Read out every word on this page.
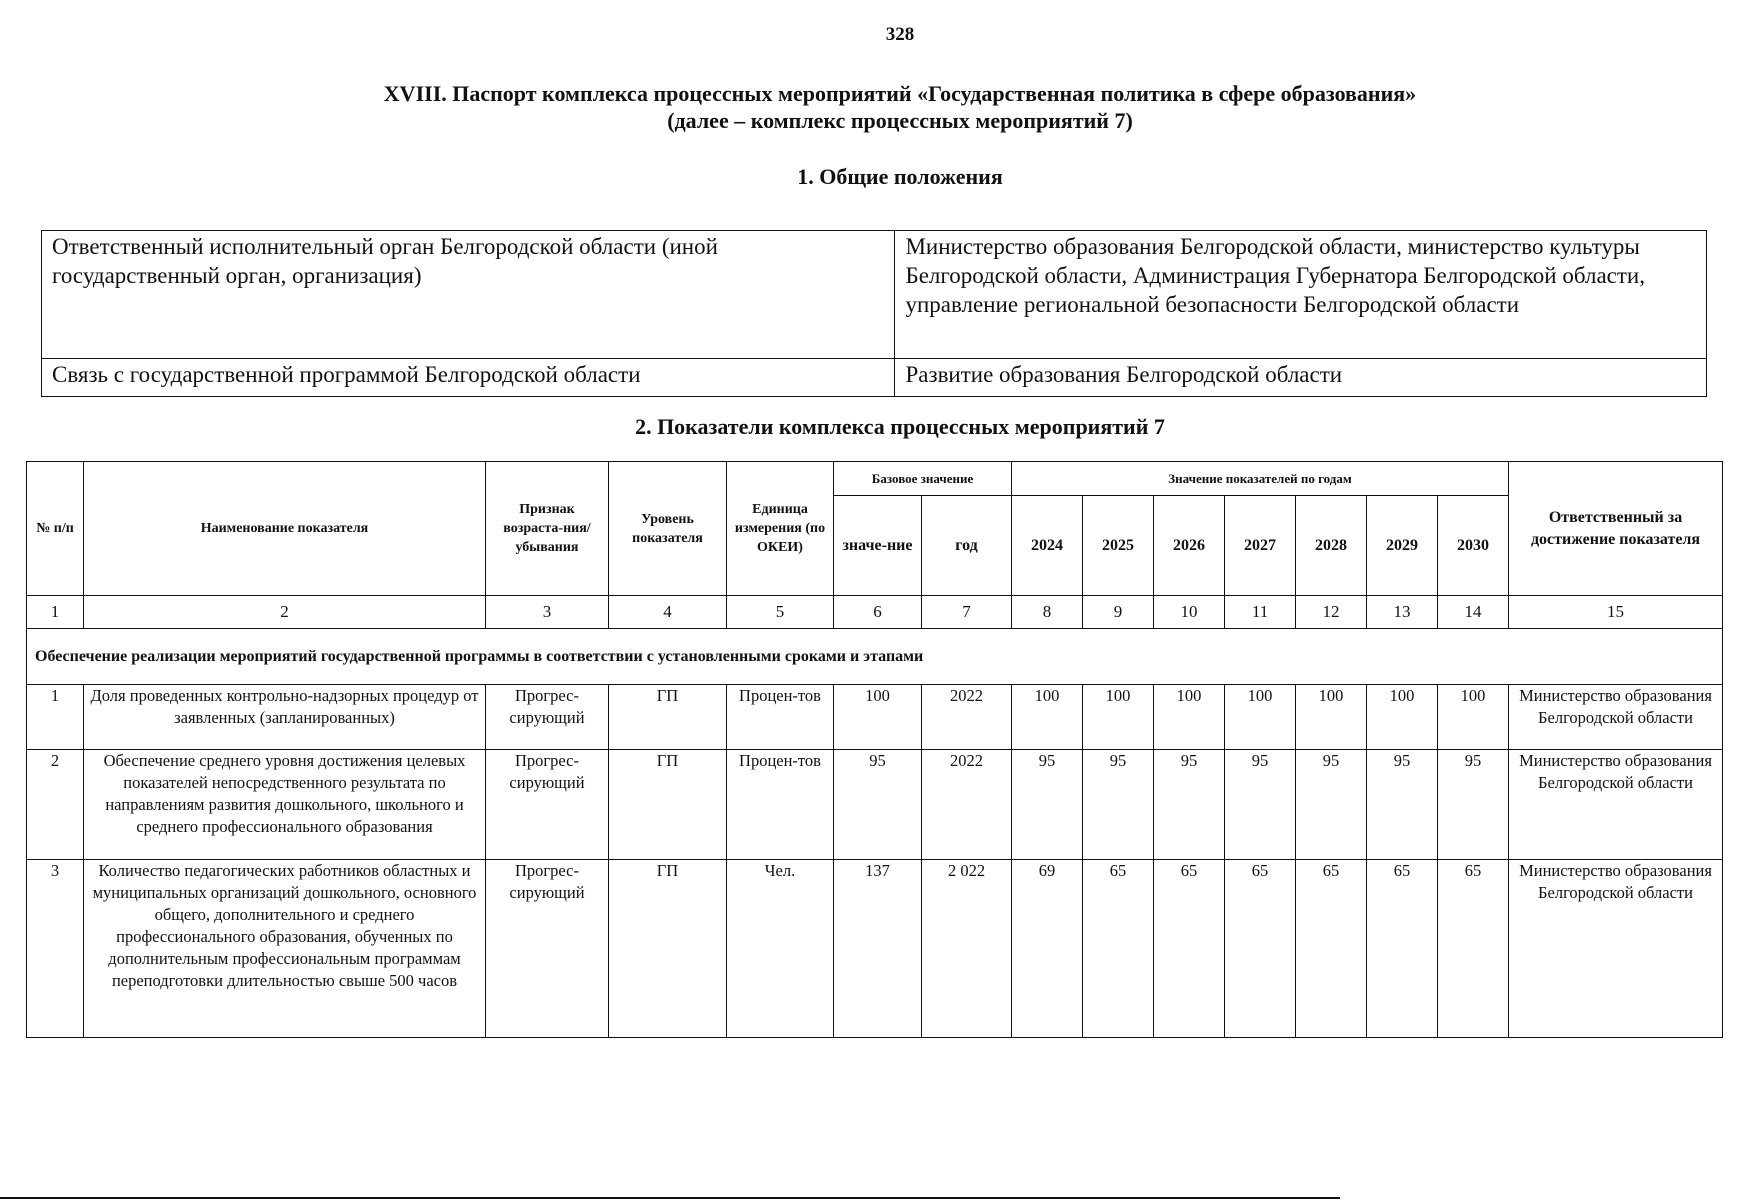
328
XVIII. Паспорт комплекса процессных мероприятий «Государственная политика в сфере образования»
(далее – комплекс процессных мероприятий 7)
1. Общие положения
Ответственный исполнительный орган Белгородской области (иной государственный орган, организация)	Министерство образования Белгородской области, министерство культуры Белгородской области, Администрация Губернатора Белгородской области, управление региональной безопасности Белгородской области
Связь с государственной программой Белгородской области	Развитие образования Белгородской области
2. Показатели комплекса процессных мероприятий 7
№ п/п	Наименование показателя	Признак возраста-ния/ убывания	Уровень показателя	Единица измерения (по ОКЕИ)	Базовое значение		Значение показателей по годам							Ответственный за достижение показателя
					значе-ние	год	2024	2025	2026	2027	2028	2029	2030	
1	2	3	4	5	6	7	8	9	10	11	12	13	14	15
Обеспечение реализации мероприятий государственной программы в соответствии с установленными сроками и этапами														
1	Доля проведенных контрольно-надзорных процедур от заявленных (запланированных)	Прогрес-сирующий	ГП	Процен-тов	100	2022	100	100	100	100	100	100	100	Министерство образования Белгородской области
2	Обеспечение среднего уровня достижения целевых показателей непосредственного результата по направлениям развития дошкольного, школьного и среднего профессионального образования	Прогрес-сирующий	ГП	Процен-тов	95	2022	95	95	95	95	95	95	95	Министерство образования Белгородской области
3	Количество педагогических работников областных и муниципальных организаций дошкольного, основного общего, дополнительного и среднего профессионального образования, обученных по дополнительным профессиональным программам переподготовки длительностью свыше 500 часов	Прогрес-сирующий	ГП	Чел.	137	2 022	69	65	65	65	65	65	65	Министерство образования Белгородской области
